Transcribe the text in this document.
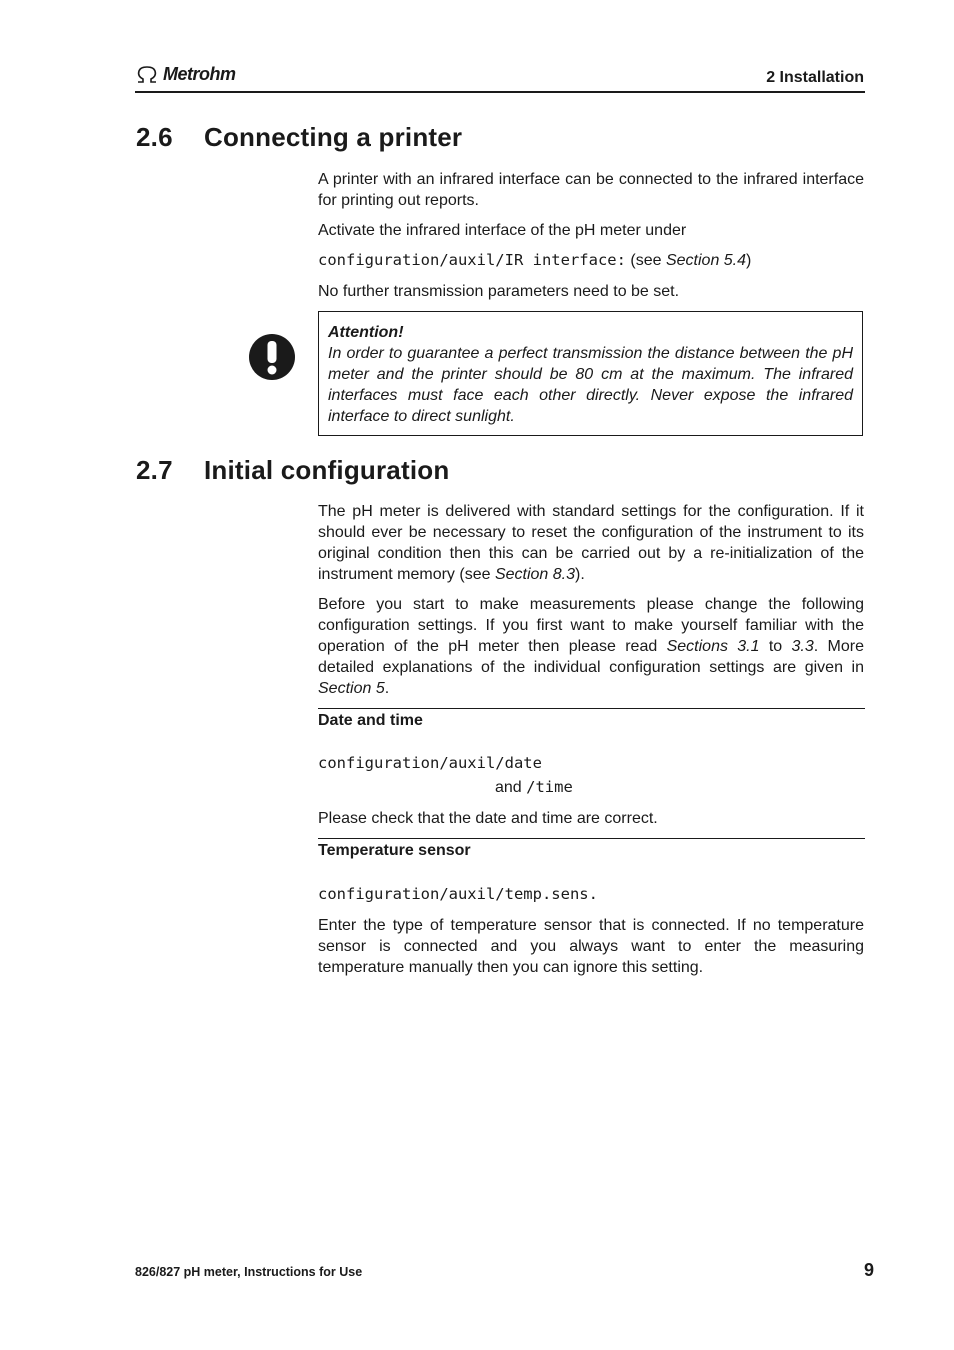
Metrohm	2 Installation
2.6 Connecting a printer
A printer with an infrared interface can be connected to the infrared interface for printing out reports.
Activate the infrared interface of the pH meter under
configuration/auxil/IR interface: (see Section 5.4)
No further transmission parameters need to be set.
Attention!
In order to guarantee a perfect transmission the distance between the pH meter and the printer should be 80 cm at the maximum. The infrared interfaces must face each other directly. Never expose the infrared interface to direct sunlight.
2.7 Initial configuration
The pH meter is delivered with standard settings for the configuration. If it should ever be necessary to reset the configuration of the instrument to its original condition then this can be carried out by a re-initialization of the instrument memory (see Section 8.3).
Before you start to make measurements please change the following configuration settings. If you first want to make yourself familiar with the operation of the pH meter then please read Sections 3.1 to 3.3. More detailed explanations of the individual configuration settings are given in Section 5.
Date and time
configuration/auxil/date
and /time
Please check that the date and time are correct.
Temperature sensor
configuration/auxil/temp.sens.
Enter the type of temperature sensor that is connected. If no temperature sensor is connected and you always want to enter the measuring temperature manually then you can ignore this setting.
826/827 pH meter, Instructions for Use	9
